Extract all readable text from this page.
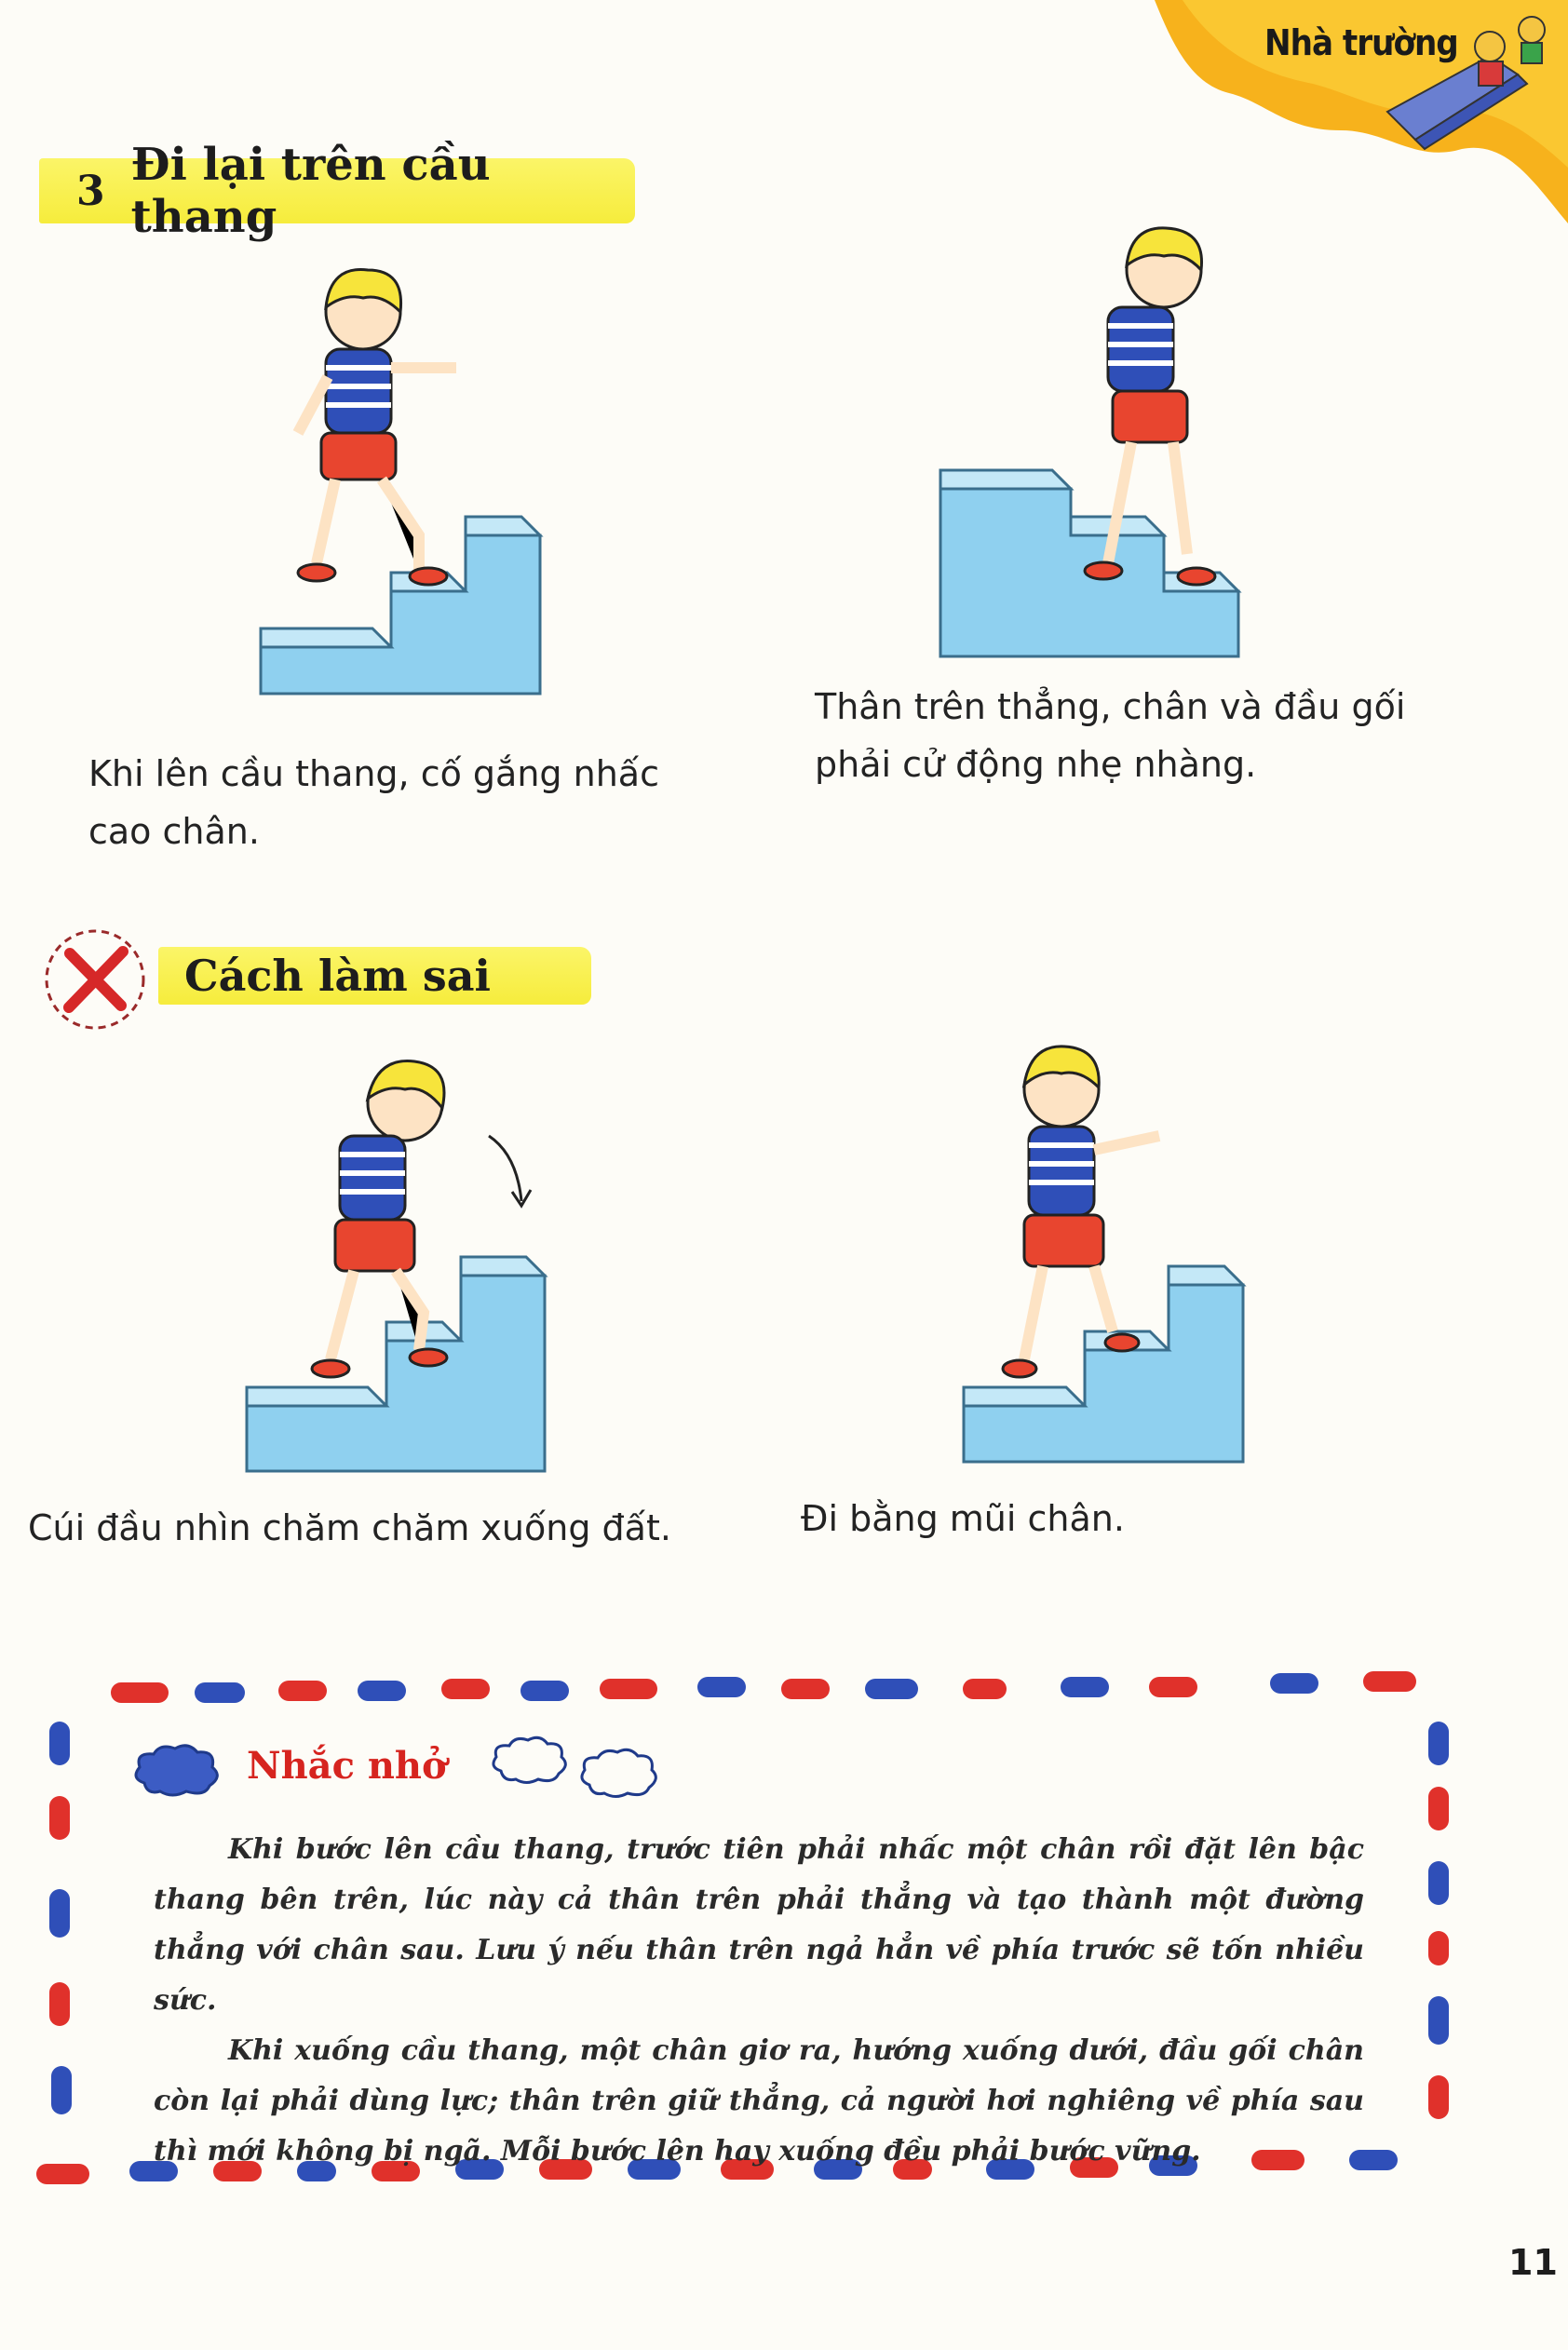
Nhà trường
3 Đi lại trên cầu thang
Khi lên cầu thang, cố gắng nhấc cao chân.
Thân trên thẳng, chân và đầu gối phải cử động nhẹ nhàng.
Cách làm sai
Cúi đầu nhìn chăm chăm xuống đất.	Đi bằng mũi chân.
Nhắc nhở

Khi bước lên cầu thang, trước tiên phải nhấc một chân rồi đặt lên bậc thang bên trên, lúc này cả thân trên phải thẳng và tạo thành một đường thẳng với chân sau. Lưu ý nếu thân trên ngả hẳn về phía trước sẽ tốn nhiều sức.

Khi xuống cầu thang, một chân giơ ra, hướng xuống dưới, đầu gối chân còn lại phải dùng lực; thân trên giữ thẳng, cả người hơi nghiêng về phía sau thì mới không bị ngã. Mỗi bước lên hay xuống đều phải bước vững.

11
